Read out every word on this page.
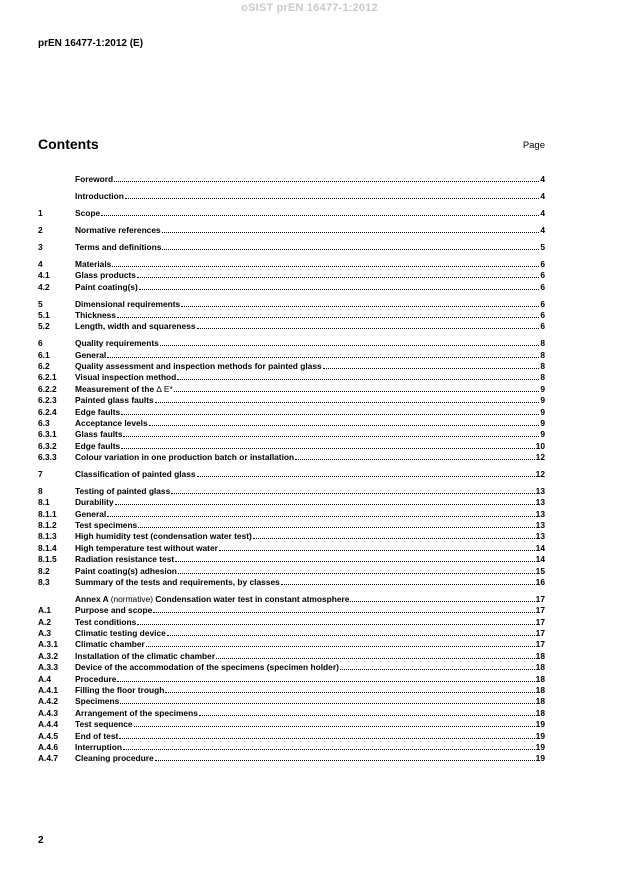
oSIST prEN 16477-1:2012
prEN 16477-1:2012 (E)
Contents	Page
Foreword	4
Introduction	4
1	Scope	4
2	Normative references	4
3	Terms and definitions	5
4	Materials	6
4.1	Glass products	6
4.2	Paint coating(s)	6
5	Dimensional requirements	6
5.1	Thickness	6
5.2	Length, width and squareness	6
6	Quality requirements	8
6.1	General	8
6.2	Quality assessment and inspection methods for painted glass	8
6.2.1	Visual inspection method	8
6.2.2	Measurement of the ∆ E*	9
6.2.3	Painted glass faults	9
6.2.4	Edge faults	9
6.3	Acceptance levels	9
6.3.1	Glass faults	9
6.3.2	Edge faults	10
6.3.3	Colour variation in one production batch or installation	12
7	Classification of painted glass	12
8	Testing of painted glass	13
8.1	Durability	13
8.1.1	General	13
8.1.2	Test specimens	13
8.1.3	High humidity test (condensation water test)	13
8.1.4	High temperature test without water	14
8.1.5	Radiation resistance test	14
8.2	Paint coating(s) adhesion	15
8.3	Summary of the tests and requirements, by classes	16
Annex A (normative) Condensation water test in constant atmosphere	17
A.1	Purpose and scope	17
A.2	Test conditions	17
A.3	Climatic testing device	17
A.3.1	Climatic chamber	17
A.3.2	Installation of the climatic chamber	18
A.3.3	Device of the accommodation of the specimens (specimen holder)	18
A.4	Procedure	18
A.4.1	Filling the floor trough	18
A.4.2	Specimens	18
A.4.3	Arrangement of the specimens	18
A.4.4	Test sequence	19
A.4.5	End of test	19
A.4.6	Interruption	19
A.4.7	Cleaning procedure	19
2
